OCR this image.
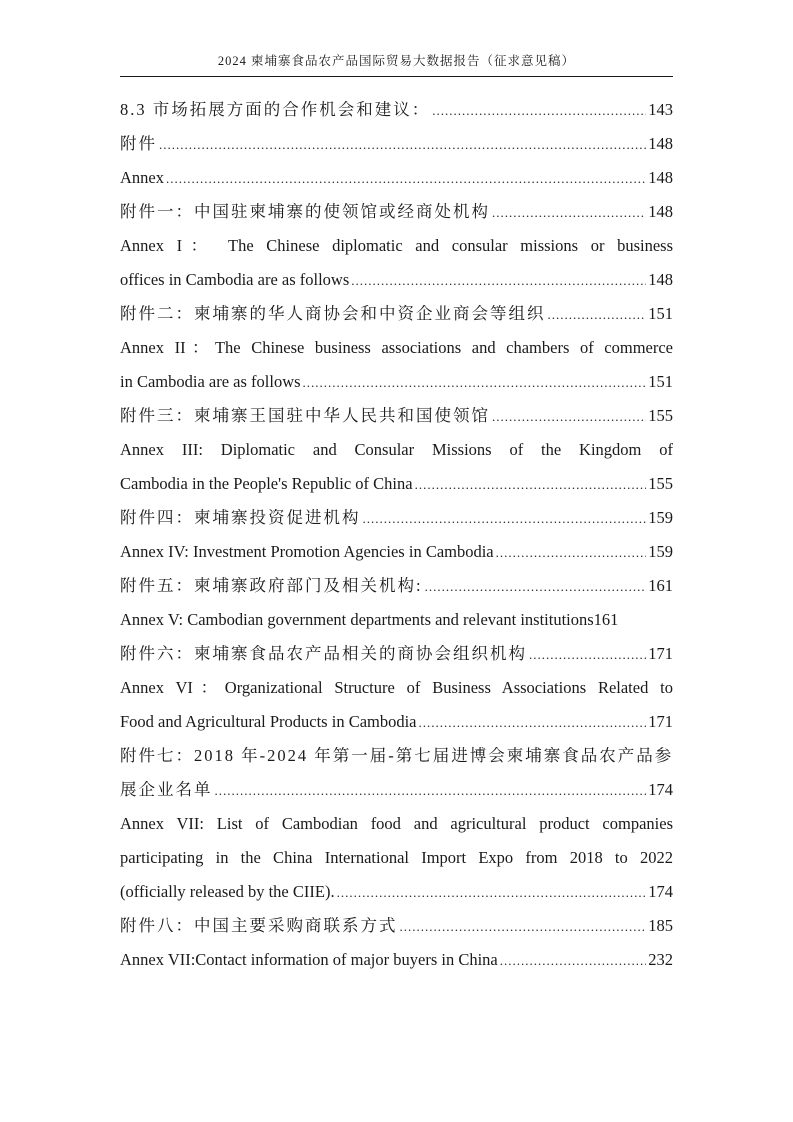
2024 柬埔寨食品农产品国际贸易大数据报告（征求意见稿）
8.3 市场拓展方面的合作机会和建议： .....	143
附件 .....	148
Annex .....	148
附件一：中国驻柬埔寨的使领馆或经商处机构 .....	148
Annex I： The Chinese diplomatic and consular missions or business
offices in Cambodia are as follows .....	148
附件二：柬埔寨的华人商协会和中资企业商会等组织 .....	151
Annex II：The Chinese business associations and chambers of commerce
in Cambodia are as follows .....	151
附件三：柬埔寨王国驻中华人民共和国使领馆 .....	155
Annex III: Diplomatic and Consular Missions of the Kingdom of
Cambodia in the People's Republic of China .....	155
附件四：柬埔寨投资促进机构 .....	159
Annex IV: Investment Promotion Agencies in Cambodia .....	159
附件五：柬埔寨政府部门及相关机构: .....	161
Annex V: Cambodian government departments and relevant institutions 161
附件六：柬埔寨食品农产品相关的商协会组织机构 .....	171
Annex VI：Organizational Structure of Business Associations Related to
Food and Agricultural Products in Cambodia .....	171
附件七：2018 年-2024 年第一届-第七届进博会柬埔寨食品农产品参
展企业名单 .....	174
Annex VII: List of Cambodian food and agricultural product companies
participating in the China International Import Expo from 2018 to 2022
(officially released by the CIIE). .....	174
附件八：中国主要采购商联系方式 .....	185
Annex VII:Contact information of major buyers in China .....	232
